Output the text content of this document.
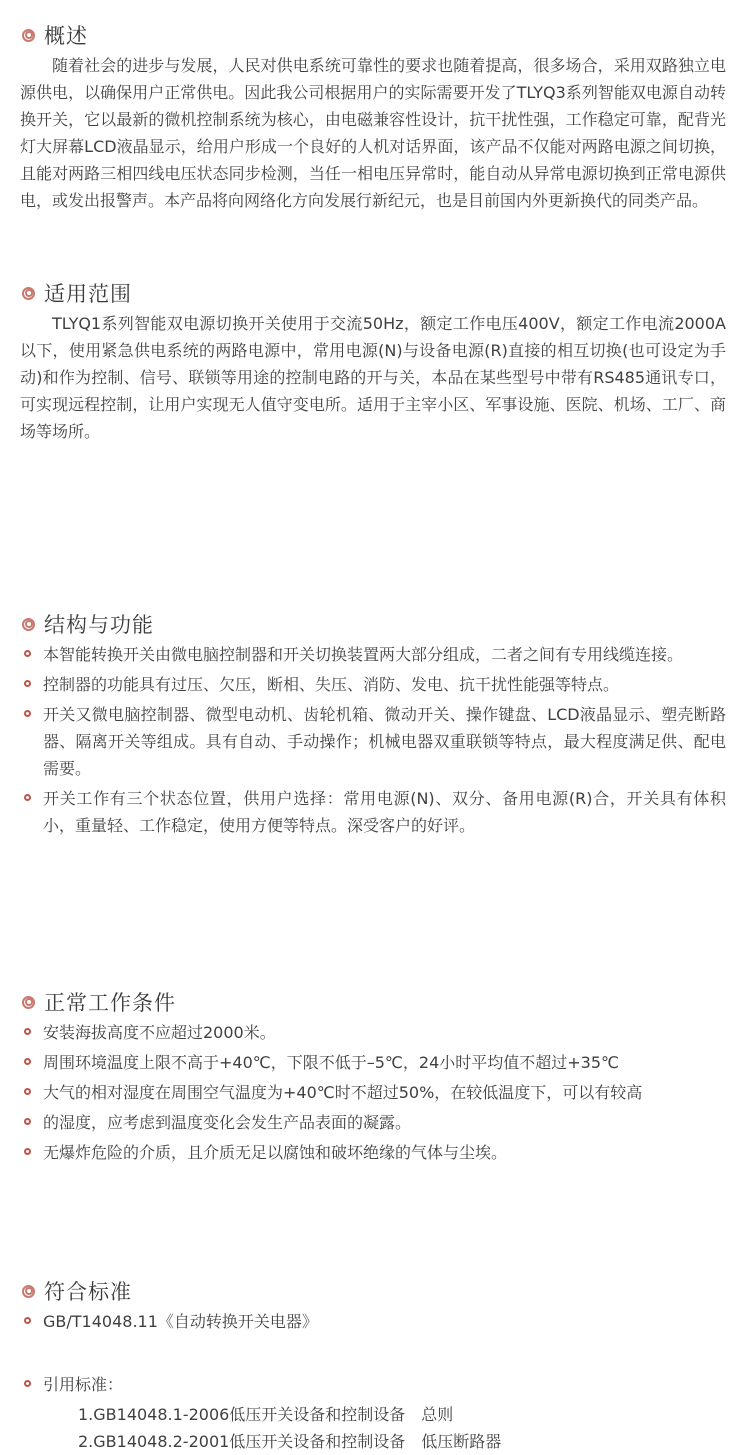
概述

随着社会的进步与发展，人民对供电系统可靠性的要求也随着提高，很多场合，采用双路独立电源供电，以确保用户正常供电。因此我公司根据用户的实际需要开发了TLYQ3系列智能双电源自动转换开关，它以最新的微机控制系统为核心，由电磁兼容性设计，抗干扰性强，工作稳定可靠，配背光灯大屏幕LCD液晶显示，给用户形成一个良好的人机对话界面，该产品不仅能对两路电源之间切换，且能对两路三相四线电压状态同步检测，当任一相电压异常时，能自动从异常电源切换到正常电源供电，或发出报警声。本产品将向网络化方向发展行新纪元，也是目前国内外更新换代的同类产品。

适用范围

TLYQ1系列智能双电源切换开关使用于交流50Hz，额定工作电压400V，额定工作电流2000A以下，使用紧急供电系统的两路电源中，常用电源(N)与设备电源(R)直接的相互切换(也可设定为手动)和作为控制、信号、联锁等用途的控制电路的开与关，本品在某些型号中带有RS485通讯专口，可实现远程控制，让用户实现无人值守变电所。适用于主宰小区、军事设施、医院、机场、工厂、商场等场所。

结构与功能
本智能转换开关由微电脑控制器和开关切换装置两大部分组成，二者之间有专用线缆连接。
控制器的功能具有过压、欠压，断相、失压、消防、发电、抗干扰性能强等特点。
开关又微电脑控制器、微型电动机、齿轮机箱、微动开关、操作键盘、LCD液晶显示、塑壳断路器、隔离开关等组成。具有自动、手动操作；机械电器双重联锁等特点，最大程度满足供、配电需要。
开关工作有三个状态位置，供用户选择：常用电源(N)、双分、备用电源(R)合，开关具有体积小，重量轻、工作稳定，使用方便等特点。深受客户的好评。
正常工作条件
安装海拔高度不应超过2000米。
周围环境温度上限不高于+40℃，下限不低于–5℃，24小时平均值不超过+35℃
大气的相对湿度在周围空气温度为+40℃时不超过50%，在较低温度下，可以有较高
的湿度，应考虑到温度变化会发生产品表面的凝露。
无爆炸危险的介质，且介质无足以腐蚀和破坏绝缘的气体与尘埃。
符合标准
GB/T14048.11《自动转换开关电器》
引用标准：
1.GB14048.1-2006低压开关设备和控制设备　总则
2.GB14048.2-2001低压开关设备和控制设备　低压断路器
